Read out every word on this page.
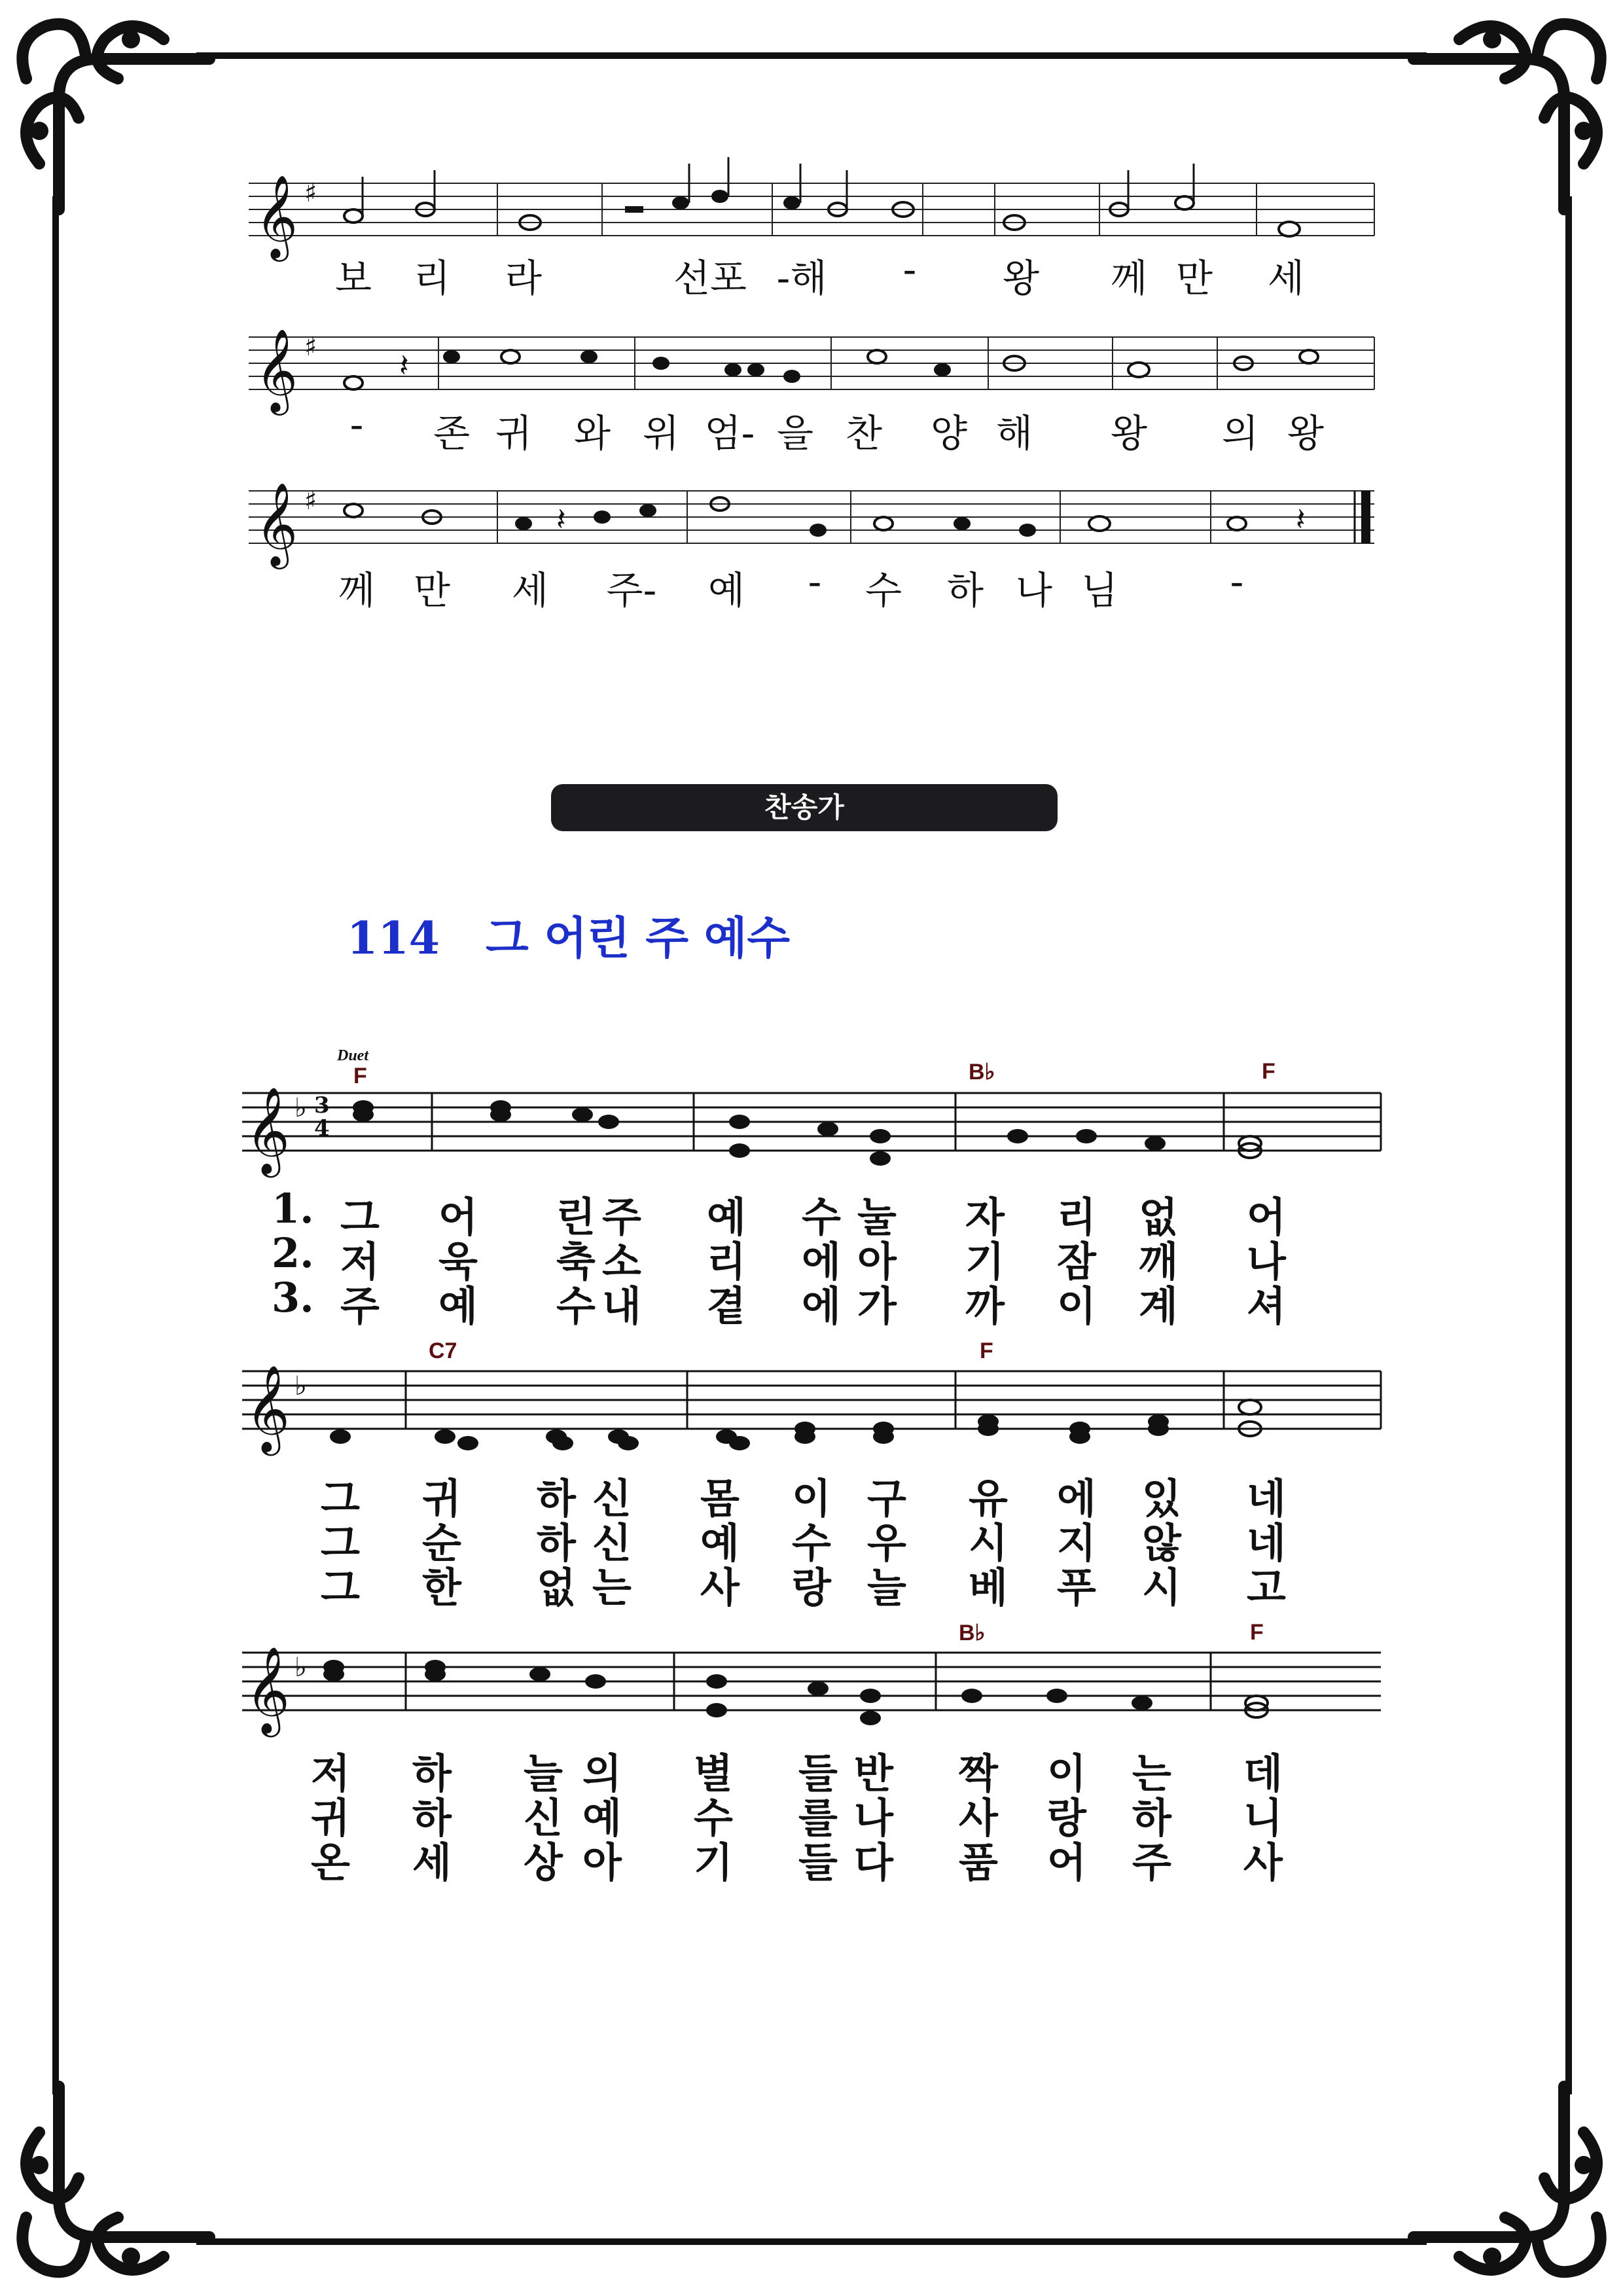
𝄞 ♯
보 리 라	선포 -해 - 왕 께 만 세
𝄞 ♯
𝄽
- 존 귀 와 위 엄- 을 찬 양 해 왕 의 왕
𝄞 ♯
𝄽	𝄽
께 만 세 주- 예 - 수 하 나 님	-
찬송가
114 그 어린 주 예수
Duet
F	B♭	F
𝄞 ♭ 3
4
1.
2.
3.
그 어 린 주 예 수 눌 자 리 없 어
저 욱 축 소 리 에 아 기 잠 깨 나
주 예 수 내 곁 에 가 까 이 계 셔
C7	F
𝄞 ♭
그 귀 하 신 몸 이 구 유 에 있 네
그 순 하 신 예 수 우 시 지 않 네
그 한 없 는 사 랑 늘 베 푸 시 고
B♭	F
𝄞 ♭
저 하 늘 의 별 들 반 짝 이 는 데
귀 하 신 예 수 를 나 사 랑 하 니
온 세 상 아 기 들 다 품 어 주 사
